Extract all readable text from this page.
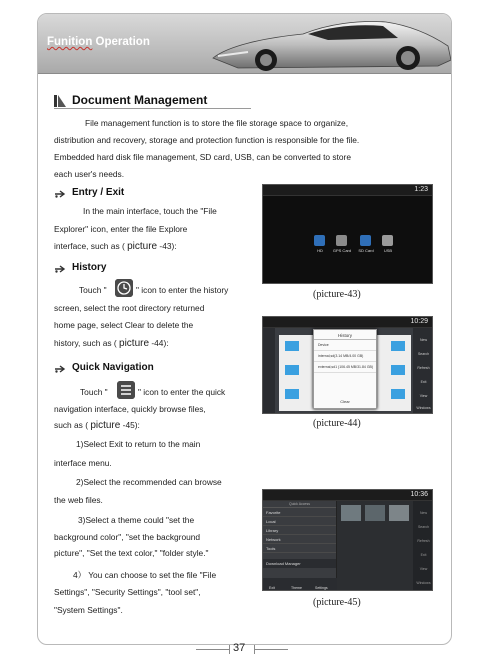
Funition Operation
Document Management
File management function is to store the file storage space to organize,
distribution and recovery, storage and protection function is responsible for the file.
Embedded hard disk file management, SD card, USB, can be converted to store
each user's needs.
Entry / Exit
In the main interface, touch the "File
Explorer" icon, enter the file Explore
interface, such as ( picture -43):
History
Touch "	" icon to enter the history
screen, select the root directory returned
home page, select Clear to delete the
history, such as ( picture -44):
Quick Navigation
Touch "	" icon to enter the quick
navigation interface, quickly browse files,
such as ( picture -45):
1)Select Exit to return to the main
interface menu.
2)Select the recommended can browse
the web files.
3)Select a theme could "set the
background color", "set the background
picture", "Set the text color," "folder style."
4） You can choose to set the file "File
Settings", "Security Settings", "tool set",
"System Settings".
1:23
HD	GPS Card	SD Card	USB
(picture-43)
10:29
New
Search
Refresh
Exit
View
Windows
History
Device
internal,sd(3.14 MB/4.00 GB)
external,sd1 (106.45 MB/31.84 GB)
Clear
(picture-44)
10:36
Quick Access
Favorite
Local
Library
Network
Tools
Download Manager
Exit	Theme	Settings
New
Search
Refresh
Exit
View
Windows
(picture-45)
37
